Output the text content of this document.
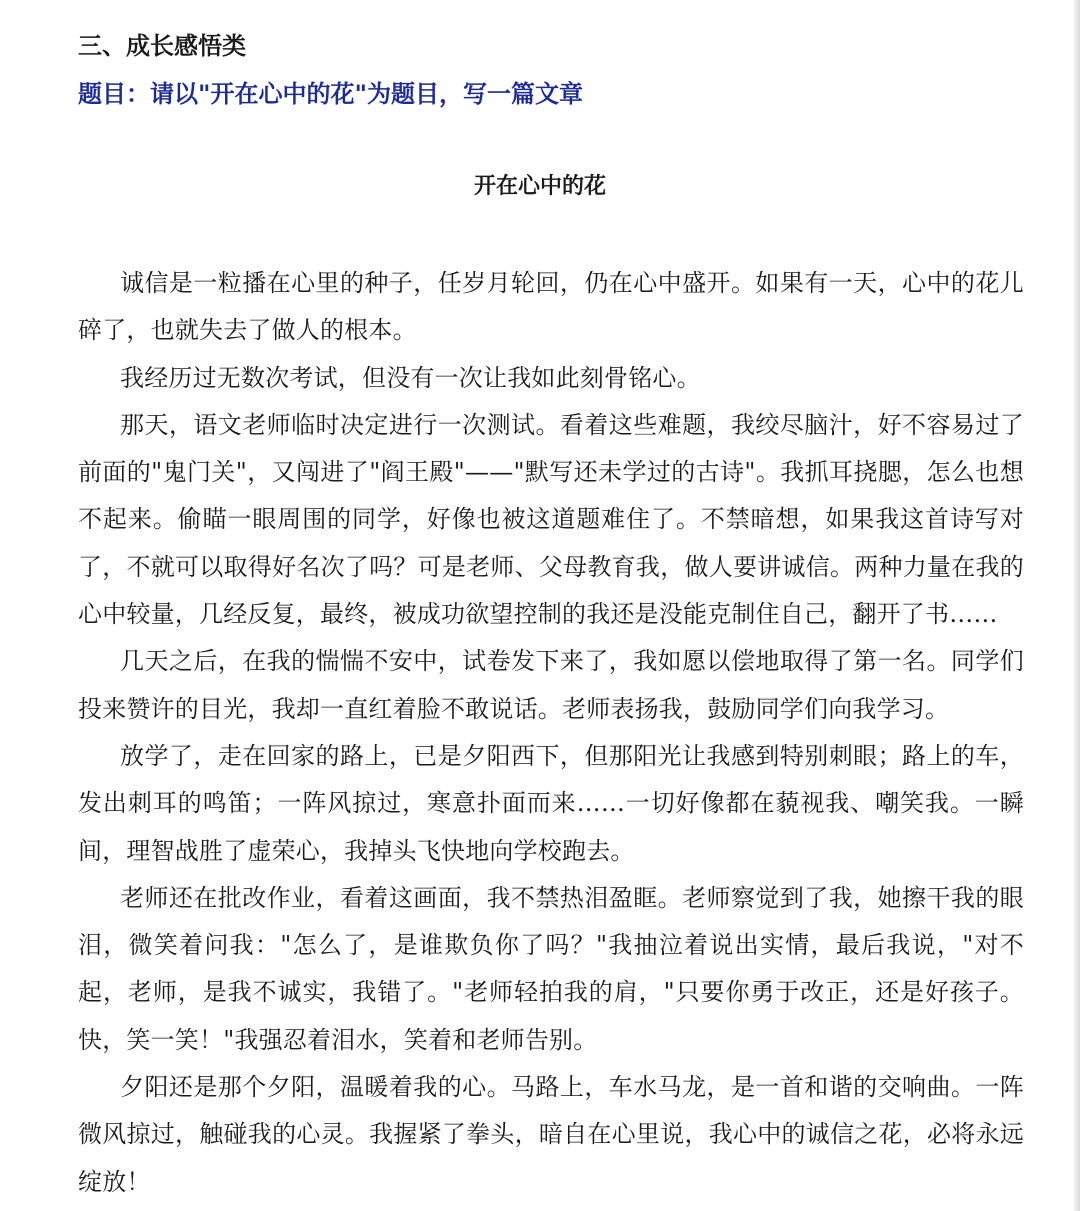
三、成长感悟类
题目：请以"开在心中的花"为题目，写一篇文章
开在心中的花

诚信是一粒播在心里的种子，任岁月轮回，仍在心中盛开。如果有一天，心中的花儿碎了，也就失去了做人的根本。

我经历过无数次考试，但没有一次让我如此刻骨铭心。

那天，语文老师临时决定进行一次测试。看着这些难题，我绞尽脑汁，好不容易过了前面的"鬼门关"，又闯进了"阎王殿"——"默写还未学过的古诗"。我抓耳挠腮，怎么也想不起来。偷瞄一眼周围的同学，好像也被这道题难住了。不禁暗想，如果我这首诗写对了，不就可以取得好名次了吗？可是老师、父母教育我，做人要讲诚信。两种力量在我的心中较量，几经反复，最终，被成功欲望控制的我还是没能克制住自己，翻开了书……

几天之后，在我的惴惴不安中，试卷发下来了，我如愿以偿地取得了第一名。同学们投来赞许的目光，我却一直红着脸不敢说话。老师表扬我，鼓励同学们向我学习。

放学了，走在回家的路上，已是夕阳西下，但那阳光让我感到特别刺眼；路上的车，发出刺耳的鸣笛；一阵风掠过，寒意扑面而来……一切好像都在藐视我、嘲笑我。一瞬间，理智战胜了虚荣心，我掉头飞快地向学校跑去。

老师还在批改作业，看着这画面，我不禁热泪盈眶。老师察觉到了我，她擦干我的眼泪，微笑着问我："怎么了，是谁欺负你了吗？"我抽泣着说出实情，最后我说，"对不起，老师，是我不诚实，我错了。"老师轻拍我的肩，"只要你勇于改正，还是好孩子。快，笑一笑！"我强忍着泪水，笑着和老师告别。

夕阳还是那个夕阳，温暖着我的心。马路上，车水马龙，是一首和谐的交响曲。一阵微风掠过，触碰我的心灵。我握紧了拳头，暗自在心里说，我心中的诚信之花，必将永远绽放！
